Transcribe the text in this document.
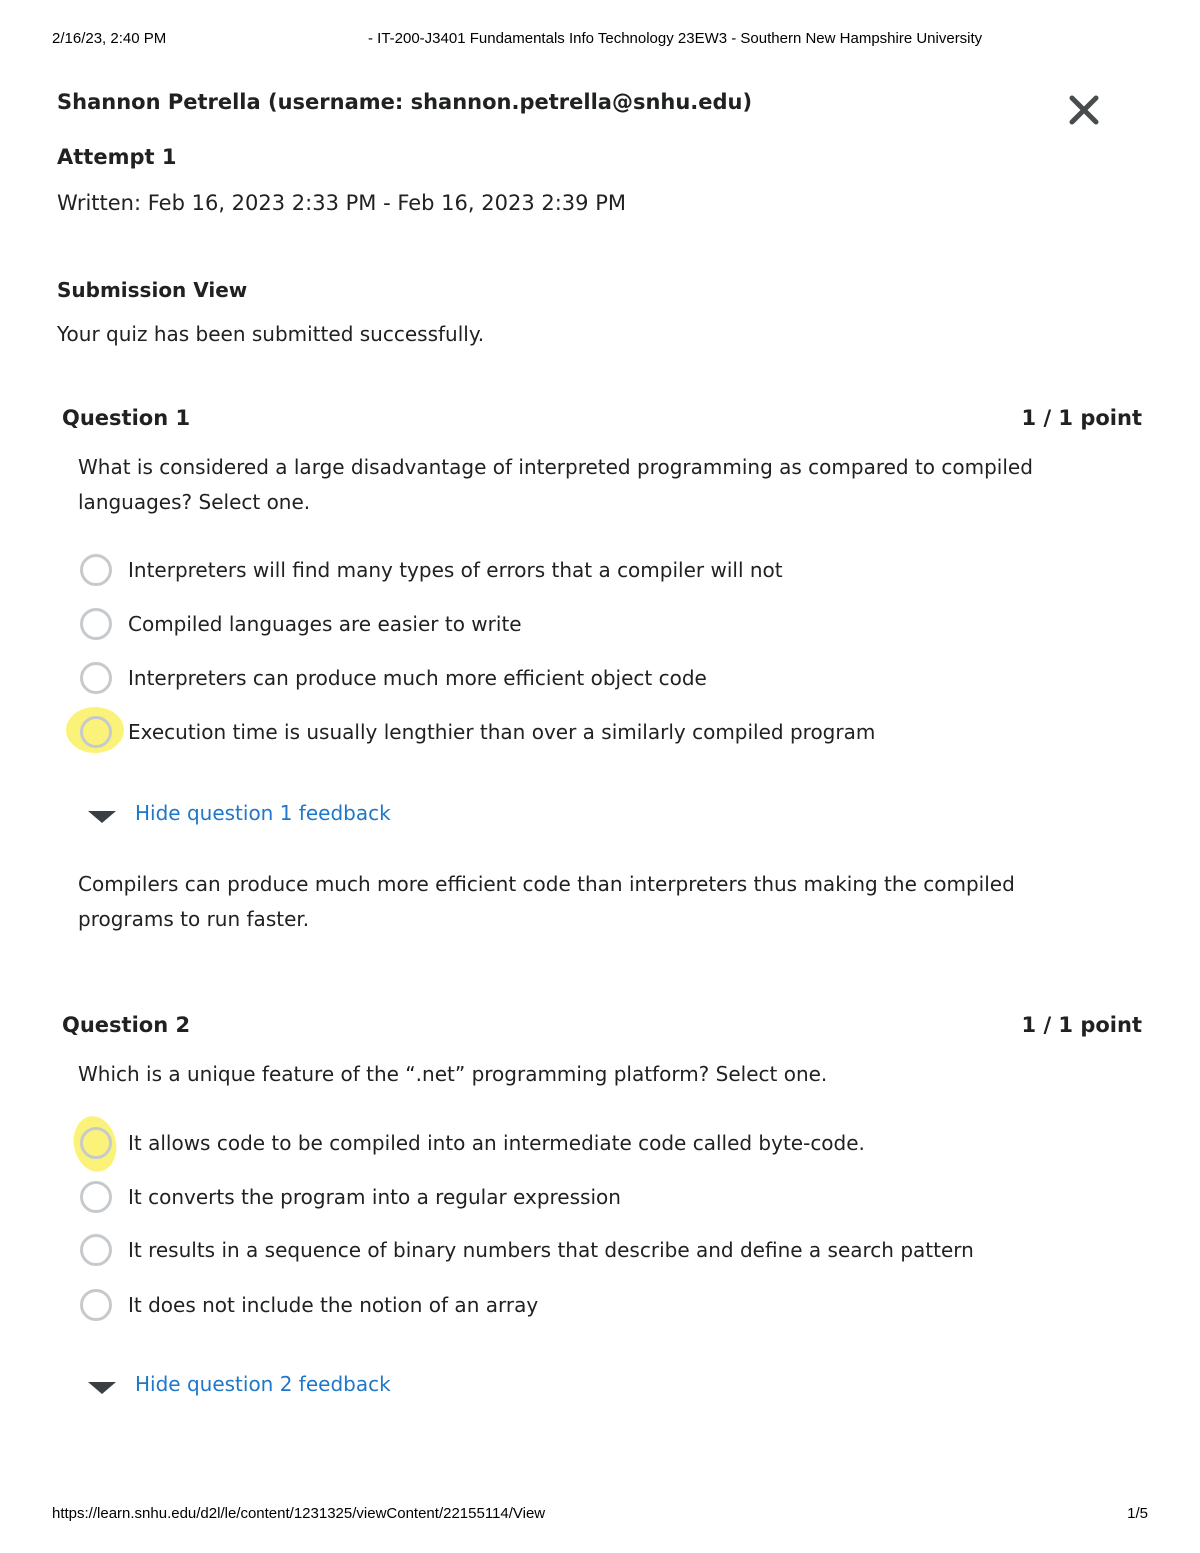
2/16/23, 2:40 PM	- IT-200-J3401 Fundamentals Info Technology 23EW3 - Southern New Hampshire University
Shannon Petrella (username: shannon.petrella@snhu.edu)
Attempt 1
Written: Feb 16, 2023 2:33 PM - Feb 16, 2023 2:39 PM
Submission View
Your quiz has been submitted successfully.
Question 1	1 / 1 point
What is considered a large disadvantage of interpreted programming as compared to compiled languages? Select one.
Interpreters will find many types of errors that a compiler will not
Compiled languages are easier to write
Interpreters can produce much more efficient object code
Execution time is usually lengthier than over a similarly compiled program
Hide question 1 feedback
Compilers can produce much more efficient code than interpreters thus making the compiled programs to run faster.
Question 2	1 / 1 point
Which is a unique feature of the “.net” programming platform? Select one.
It allows code to be compiled into an intermediate code called byte-code.
It converts the program into a regular expression
It results in a sequence of binary numbers that describe and define a search pattern
It does not include the notion of an array
Hide question 2 feedback
https://learn.snhu.edu/d2l/le/content/1231325/viewContent/22155114/View	1/5
